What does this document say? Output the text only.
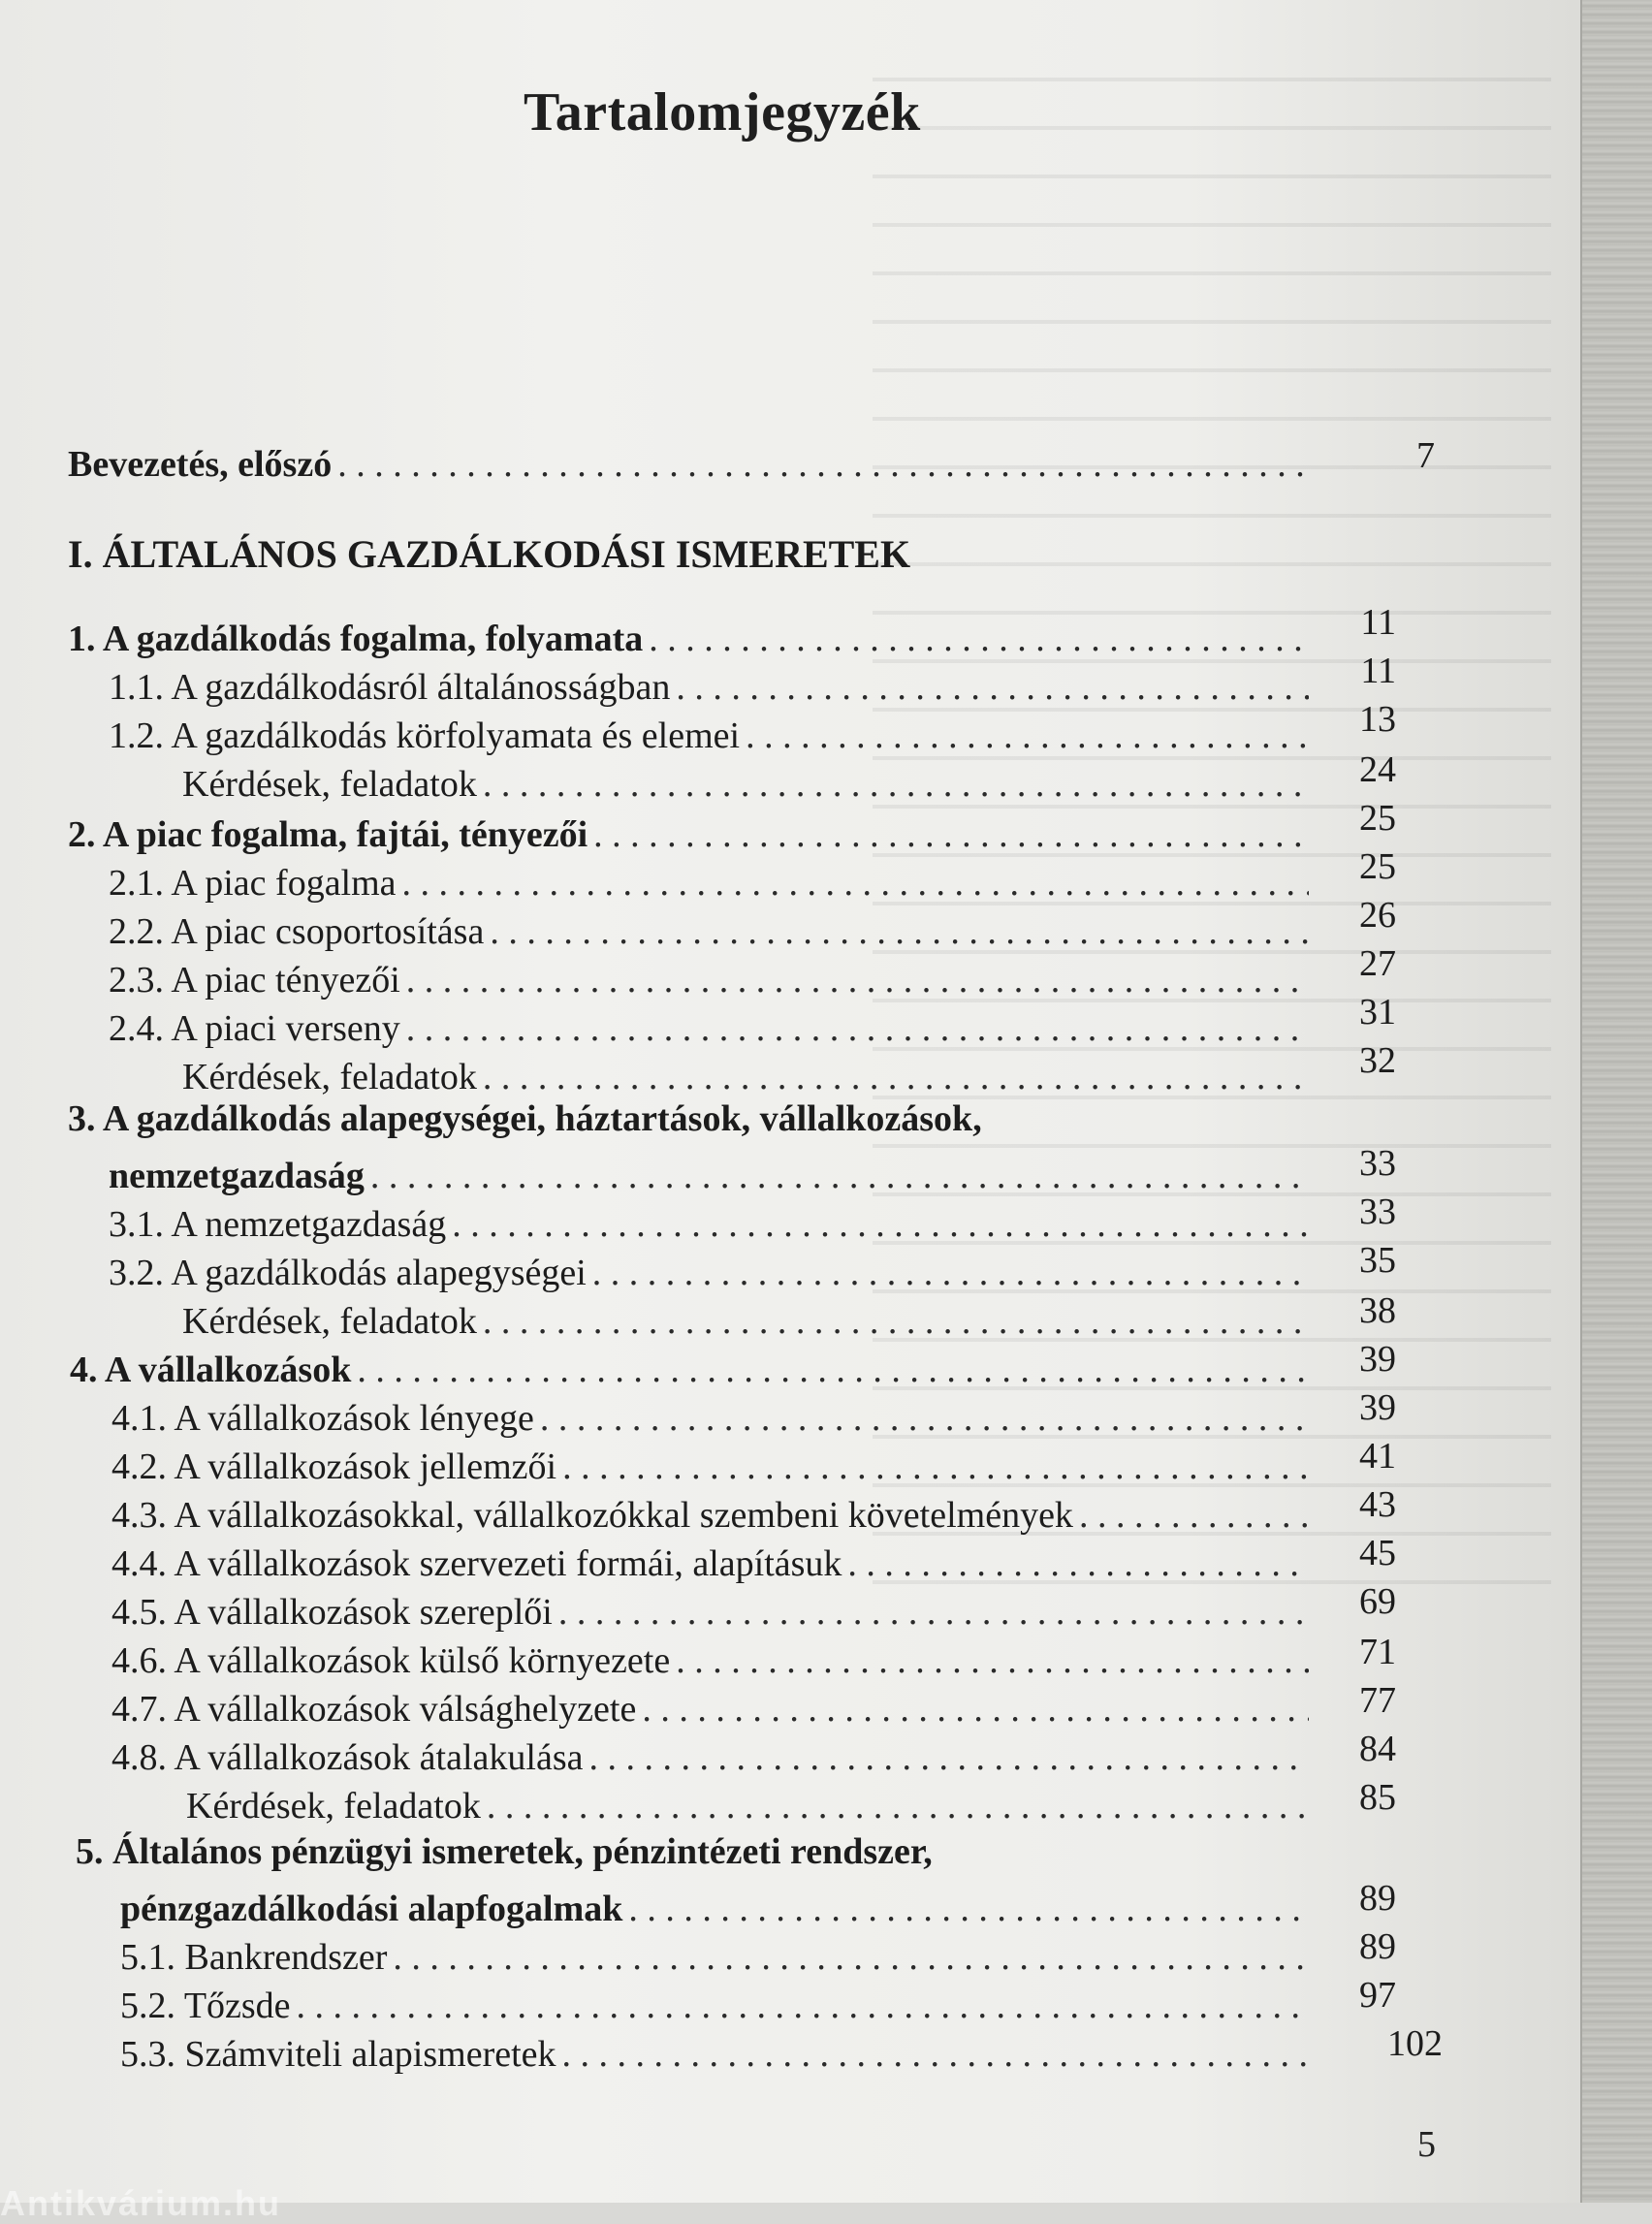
Tartalomjegyzék
Bevezetés, előszó . . .	7
I. ÁLTALÁNOS GAZDÁLKODÁSI ISMERETEK
1. A gazdálkodás fogalma, folyamata . . .	11
1.1. A gazdálkodásról általánosságban . . .	11
1.2. A gazdálkodás körfolyamata és elemei . . .	13
Kérdések, feladatok . . .	24
2. A piac fogalma, fajtái, tényezői . . .	25
2.1. A piac fogalma . . .	25
2.2. A piac csoportosítása . . .	26
2.3. A piac tényezői . . .	27
2.4. A piaci verseny . . .	31
Kérdések, feladatok . . .	32
3. A gazdálkodás alapegységei, háztartások, vállalkozások,
nemzetgazdaság . . .	33
3.1. A nemzetgazdaság . . .	33
3.2. A gazdálkodás alapegységei . . .	35
Kérdések, feladatok . . .	38
4. A vállalkozások . . .	39
4.1. A vállalkozások lényege . . .	39
4.2. A vállalkozások jellemzői . . .	41
4.3. A vállalkozásokkal, vállalkozókkal szembeni követelmények . . .	43
4.4. A vállalkozások szervezeti formái, alapításuk . . .	45
4.5. A vállalkozások szereplői . . .	69
4.6. A vállalkozások külső környezete . . .	71
4.7. A vállalkozások válsághelyzete . . .	77
4.8. A vállalkozások átalakulása . . .	84
Kérdések, feladatok . . .	85
5. Általános pénzügyi ismeretek, pénzintézeti rendszer,
pénzgazdálkodási alapfogalmak . . .	89
5.1. Bankrendszer . . .	89
5.2. Tőzsde . . .	97
5.3. Számviteli alapismeretek . . .	102
5
Antikvárium.hu
